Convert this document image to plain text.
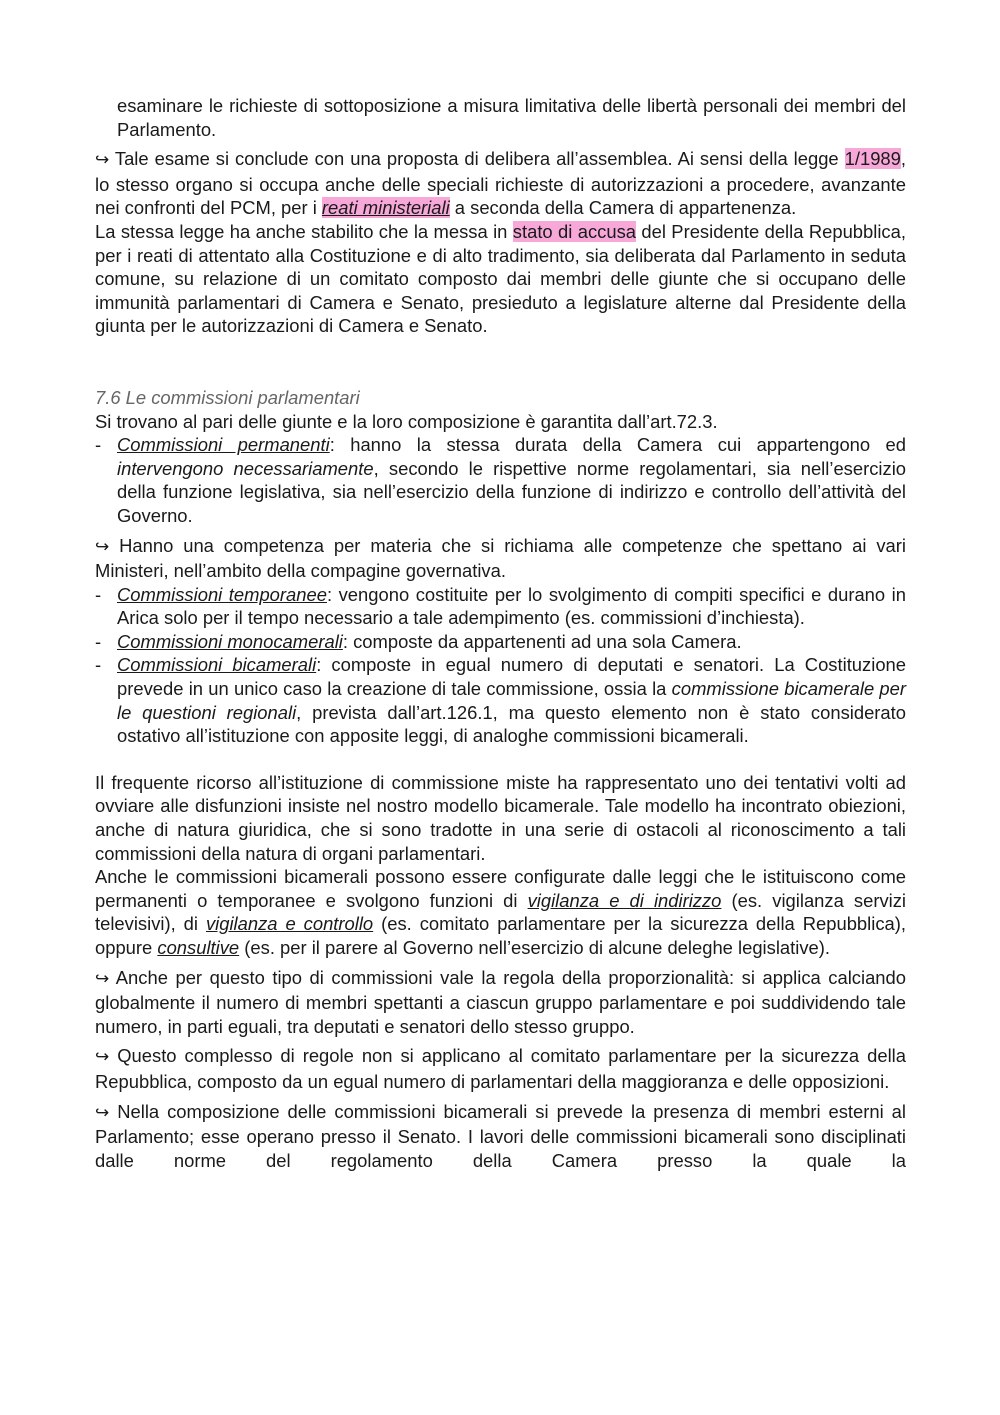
esaminare le richieste di sottoposizione a misura limitativa delle libertà personali dei membri del Parlamento.

↪ Tale esame si conclude con una proposta di delibera all’assemblea. Ai sensi della legge 1/1989, lo stesso organo si occupa anche delle speciali richieste di autorizzazioni a procedere, avanzante nei confronti del PCM, per i reati ministeriali a seconda della Camera di appartenenza.

La stessa legge ha anche stabilito che la messa in stato di accusa del Presidente della Repubblica, per i reati di attentato alla Costituzione e di alto tradimento, sia deliberata dal Parlamento in seduta comune, su relazione di un comitato composto dai membri delle giunte che si occupano delle immunità parlamentari di Camera e Senato, presieduto a legislature alterne dal Presidente della giunta per le autorizzazioni di Camera e Senato.

7.6 Le commissioni parlamentari

Si trovano al pari delle giunte e la loro composizione è garantita dall’art.72.3.

- Commissioni permanenti: hanno la stessa durata della Camera cui appartengono ed intervengono necessariamente, secondo le rispettive norme regolamentari, sia nell’esercizio della funzione legislativa, sia nell’esercizio della funzione di indirizzo e controllo dell’attività del Governo.

↪ Hanno una competenza per materia che si richiama alle competenze che spettano ai vari Ministeri, nell’ambito della compagine governativa.

- Commissioni temporanee: vengono costituite per lo svolgimento di compiti specifici e durano in Arica solo per il tempo necessario a tale adempimento (es. commissioni d’inchiesta).
- Commissioni monocamerali: composte da appartenenti ad una sola Camera.
- Commissioni bicamerali: composte in egual numero di deputati e senatori. La Costituzione prevede in un unico caso la creazione di tale commissione, ossia la commissione bicamerale per le questioni regionali, prevista dall’art.126.1, ma questo elemento non è stato considerato ostativo all’istituzione con apposite leggi, di analoghe commissioni bicamerali.

Il frequente ricorso all’istituzione di commissione miste ha rappresentato uno dei tentativi volti ad ovviare alle disfunzioni insiste nel nostro modello bicamerale. Tale modello ha incontrato obiezioni, anche di natura giuridica, che si sono tradotte in una serie di ostacoli al riconoscimento a tali commissioni della natura di organi parlamentari.

Anche le commissioni bicamerali possono essere configurate dalle leggi che le istituiscono come permanenti o temporanee e svolgono funzioni di vigilanza e di indirizzo (es. vigilanza servizi televisivi), di vigilanza e controllo (es. comitato parlamentare per la sicurezza della Repubblica), oppure consultive (es. per il parere al Governo nell’esercizio di alcune deleghe legislative).

↪ Anche per questo tipo di commissioni vale la regola della proporzionalità: si applica calciando globalmente il numero di membri spettanti a ciascun gruppo parlamentare e poi suddividendo tale numero, in parti eguali, tra deputati e senatori dello stesso gruppo.

↪ Questo complesso di regole non si applicano al comitato parlamentare per la sicurezza della Repubblica, composto da un egual numero di parlamentari della maggioranza e delle opposizioni.

↪ Nella composizione delle commissioni bicamerali si prevede la presenza di membri esterni al Parlamento; esse operano presso il Senato. I lavori delle commissioni bicamerali sono disciplinati dalle norme del regolamento della Camera presso la quale la
